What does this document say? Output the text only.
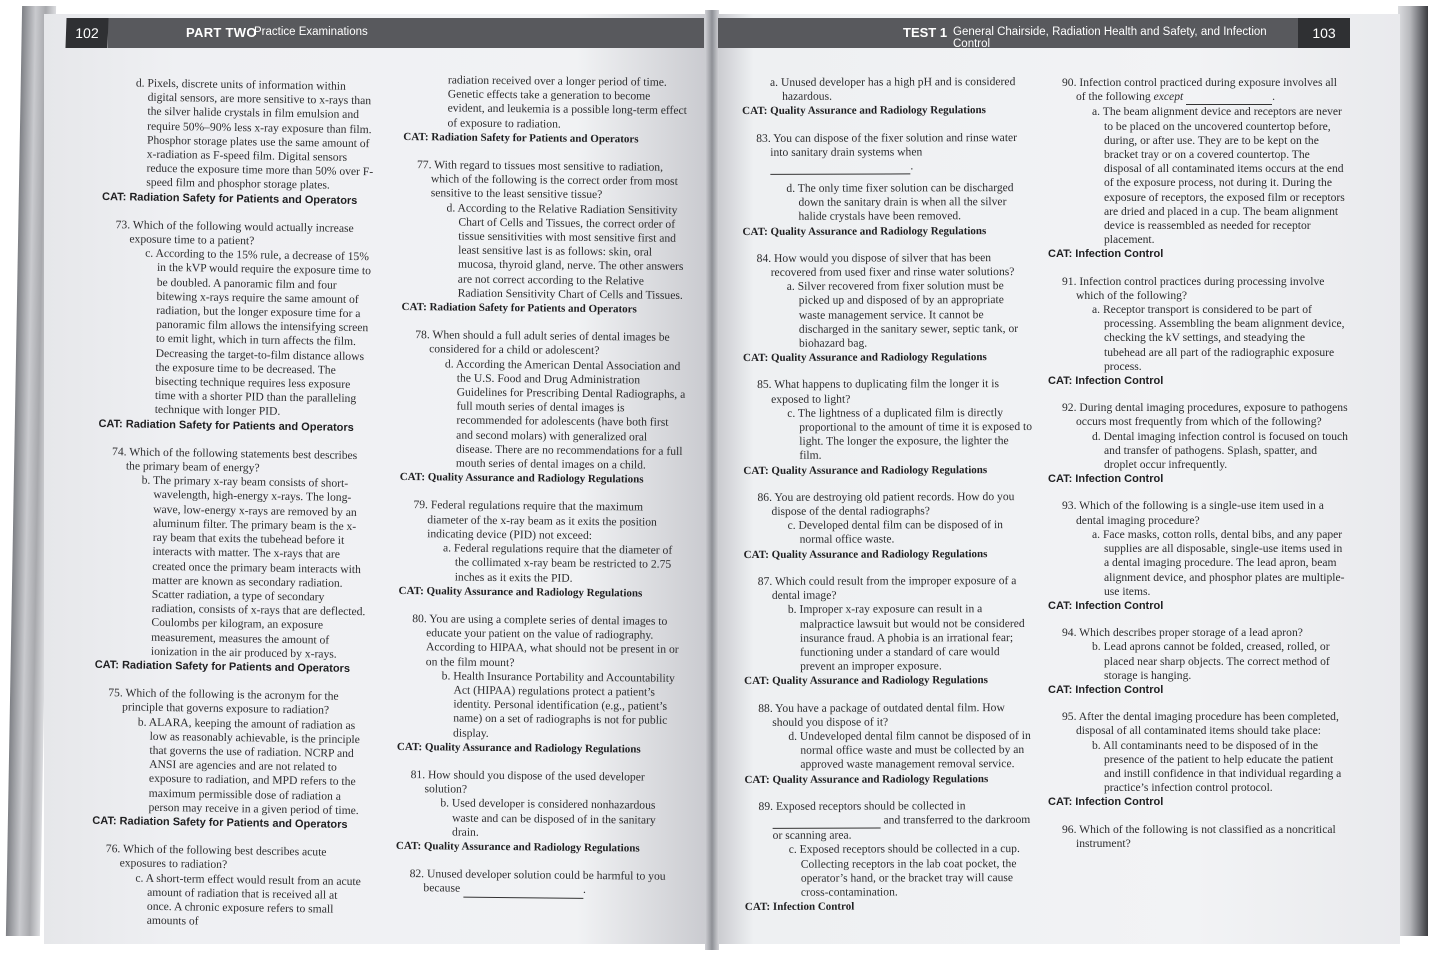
PART TWO
Practice Examinations
102	TEST 1 General Chairside, Radiation Health and Safety, and Infection Control
103
d. Pixels, discrete units of information within digital sensors, are more sensitive to x-rays than the silver halide crystals in film emulsion and require 50%–90% less x-ray exposure than film. Phosphor storage plates use the same amount of x-radiation as F-speed film. Digital sensors reduce the exposure time more than 50% over F-speed film and phosphor storage plates.
CAT: Radiation Safety for Patients and Operators
73. Which of the following would actually increase exposure time to a patient?
c. According to the 15% rule, a decrease of 15% in the kVP would require the exposure time to be doubled. A panoramic film and four bitewing x-rays require the same amount of radiation, but the longer exposure time for a panoramic film allows the intensifying screen to emit light, which in turn affects the film. Decreasing the target-to-film distance allows the exposure time to be decreased. The bisecting technique requires less exposure time with a shorter PID than the paralleling technique with longer PID.
CAT: Radiation Safety for Patients and Operators
74. Which of the following statements best describes the primary beam of energy?
b. The primary x-ray beam consists of short-wavelength, high-energy x-rays. The long-wave, low-energy x-rays are removed by an aluminum filter. The primary beam is the x-ray beam that exits the tubehead before it interacts with matter. The x-rays that are created once the primary beam interacts with matter are known as secondary radiation. Scatter radiation, a type of secondary radiation, consists of x-rays that are deflected. Coulombs per kilogram, an exposure measurement, measures the amount of ionization in the air produced by x-rays.
CAT: Radiation Safety for Patients and Operators
75. Which of the following is the acronym for the principle that governs exposure to radiation?
b. ALARA, keeping the amount of radiation as low as reasonably achievable, is the principle that governs the use of radiation. NCRP and ANSI are agencies and are not related to exposure to radiation, and MPD refers to the maximum permissible dose of radiation a person may receive in a given period of time.
CAT: Radiation Safety for Patients and Operators
76. Which of the following best describes acute exposures to radiation?
c. A short-term effect would result from an acute amount of radiation that is received all at once. A chronic exposure refers to small amounts of
radiation received over a longer period of time. Genetic effects take a generation to become evident, and leukemia is a possible long-term effect of exposure to radiation.
CAT: Radiation Safety for Patients and Operators
77. With regard to tissues most sensitive to radiation, which of the following is the correct order from most sensitive to the least sensitive tissue?
d. According to the Relative Radiation Sensitivity Chart of Cells and Tissues, the correct order of tissue sensitivities with most sensitive first and least sensitive last is as follows: skin, oral mucosa, thyroid gland, nerve. The other answers are not correct according to the Relative Radiation Sensitivity Chart of Cells and Tissues.
CAT: Radiation Safety for Patients and Operators
78. When should a full adult series of dental images be considered for a child or adolescent?
d. According the American Dental Association and the U.S. Food and Drug Administration Guidelines for Prescribing Dental Radiographs, a full mouth series of dental images is recommended for adolescents (have both first and second molars) with generalized oral disease. There are no recommendations for a full mouth series of dental images on a child.
CAT: Quality Assurance and Radiology Regulations
79. Federal regulations require that the maximum diameter of the x-ray beam as it exits the position indicating device (PID) not exceed:
a. Federal regulations require that the diameter of the collimated x-ray beam be restricted to 2.75 inches as it exits the PID.
CAT: Quality Assurance and Radiology Regulations
80. You are using a complete series of dental images to educate your patient on the value of radiography. According to HIPAA, what should not be present in or on the film mount?
b. Health Insurance Portability and Accountability Act (HIPAA) regulations protect a patient’s identity. Personal identification (e.g., patient’s name) on a set of radiographs is not for public display.
CAT: Quality Assurance and Radiology Regulations
81. How should you dispose of the used developer solution?
b. Used developer is considered nonhazardous waste and can be disposed of in the sanitary drain.
CAT: Quality Assurance and Radiology Regulations
82. Unused developer solution could be harmful to you because	.
a. Unused developer has a high pH and is considered hazardous.
CAT: Quality Assurance and Radiology Regulations
83. You can dispose of the fixer solution and rinse water into sanitary drain systems when
.
d. The only time fixer solution can be discharged down the sanitary drain is when all the silver halide crystals have been removed.
CAT: Quality Assurance and Radiology Regulations
84. How would you dispose of silver that has been recovered from used fixer and rinse water solutions?
a. Silver recovered from fixer solution must be picked up and disposed of by an appropriate waste management service. It cannot be discharged in the sanitary sewer, septic tank, or biohazard bag.
CAT: Quality Assurance and Radiology Regulations
85. What happens to duplicating film the longer it is exposed to light?
c. The lightness of a duplicated film is directly proportional to the amount of time it is exposed to light. The longer the exposure, the lighter the film.
CAT: Quality Assurance and Radiology Regulations
86. You are destroying old patient records. How do you dispose of the dental radiographs?
c. Developed dental film can be disposed of in normal office waste.
CAT: Quality Assurance and Radiology Regulations
87. Which could result from the improper exposure of a dental image?
b. Improper x-ray exposure can result in a malpractice lawsuit but would not be considered insurance fraud. A phobia is an irrational fear; functioning under a standard of care would prevent an improper exposure.
CAT: Quality Assurance and Radiology Regulations
88. You have a package of outdated dental film. How should you dispose of it?
d. Undeveloped dental film cannot be disposed of in normal office waste and must be collected by an approved waste management removal service.
CAT: Quality Assurance and Radiology Regulations
89. Exposed receptors should be collected in
and transferred to the darkroom or scanning area.
c. Exposed receptors should be collected in a cup. Collecting receptors in the lab coat pocket, the operator’s hand, or the bracket tray will cause cross-contamination.
CAT: Infection Control
90. Infection control practiced during exposure involves all of the following except	.
a. The beam alignment device and receptors are never to be placed on the uncovered countertop before, during, or after use. They are to be kept on the bracket tray or on a covered countertop. The disposal of all contaminated items occurs at the end of the exposure process, not during it. During the exposure of receptors, the exposed film or receptors are dried and placed in a cup. The beam alignment device is reassembled as needed for receptor placement.
CAT: Infection Control
91. Infection control practices during processing involve which of the following?
a. Receptor transport is considered to be part of processing. Assembling the beam alignment device, checking the kV settings, and steadying the tubehead are all part of the radiographic exposure process.
CAT: Infection Control
92. During dental imaging procedures, exposure to pathogens occurs most frequently from which of the following?
d. Dental imaging infection control is focused on touch and transfer of pathogens. Splash, spatter, and droplet occur infrequently.
CAT: Infection Control
93. Which of the following is a single-use item used in a dental imaging procedure?
a. Face masks, cotton rolls, dental bibs, and any paper supplies are all disposable, single-use items used in a dental imaging procedure. The lead apron, beam alignment device, and phosphor plates are multiple-use items.
CAT: Infection Control
94. Which describes proper storage of a lead apron?
b. Lead aprons cannot be folded, creased, rolled, or placed near sharp objects. The correct method of storage is hanging.
CAT: Infection Control
95. After the dental imaging procedure has been completed, disposal of all contaminated items should take place:
b. All contaminants need to be disposed of in the presence of the patient to help educate the patient and instill confidence in that individual regarding a practice’s infection control protocol.
CAT: Infection Control
96. Which of the following is not classified as a noncritical instrument?
